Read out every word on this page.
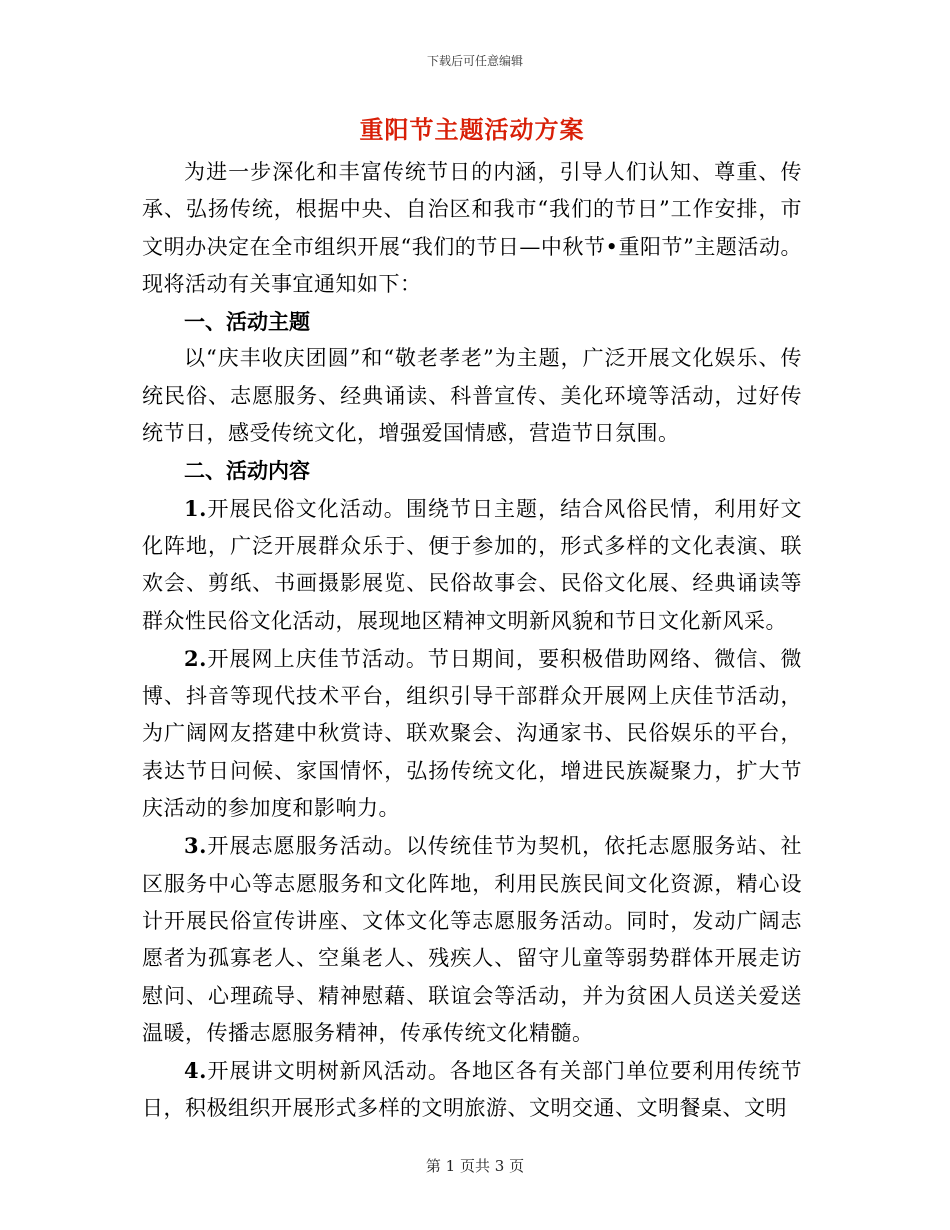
下载后可任意编辑
重阳节主题活动方案

为进一步深化和丰富传统节日的内涵，引导人们认知、尊重、传承、弘扬传统，根据中央、自治区和我市“我们的节日”工作安排，市文明办决定在全市组织开展“我们的节日—中秋节•重阳节”主题活动。现将活动有关事宜通知如下：

一、活动主题

以“庆丰收庆团圆”和“敬老孝老”为主题，广泛开展文化娱乐、传统民俗、志愿服务、经典诵读、科普宣传、美化环境等活动，过好传统节日，感受传统文化，增强爱国情感，营造节日氛围。

二、活动内容

1.开展民俗文化活动。围绕节日主题，结合风俗民情，利用好文化阵地，广泛开展群众乐于、便于参加的，形式多样的文化表演、联欢会、剪纸、书画摄影展览、民俗故事会、民俗文化展、经典诵读等群众性民俗文化活动，展现地区精神文明新风貌和节日文化新风采。

2.开展网上庆佳节活动。节日期间，要积极借助网络、微信、微博、抖音等现代技术平台，组织引导干部群众开展网上庆佳节活动，为广阔网友搭建中秋赏诗、联欢聚会、沟通家书、民俗娱乐的平台，表达节日问候、家国情怀，弘扬传统文化，增进民族凝聚力，扩大节庆活动的参加度和影响力。

3.开展志愿服务活动。以传统佳节为契机，依托志愿服务站、社区服务中心等志愿服务和文化阵地，利用民族民间文化资源，精心设计开展民俗宣传讲座、文体文化等志愿服务活动。同时，发动广阔志愿者为孤寡老人、空巢老人、残疾人、留守儿童等弱势群体开展走访慰问、心理疏导、精神慰藉、联谊会等活动，并为贫困人员送关爱送温暖，传播志愿服务精神，传承传统文化精髓。

4.开展讲文明树新风活动。各地区各有关部门单位要利用传统节日，积极组织开展形式多样的文明旅游、文明交通、文明餐桌、文明

第 1 页共 3 页
